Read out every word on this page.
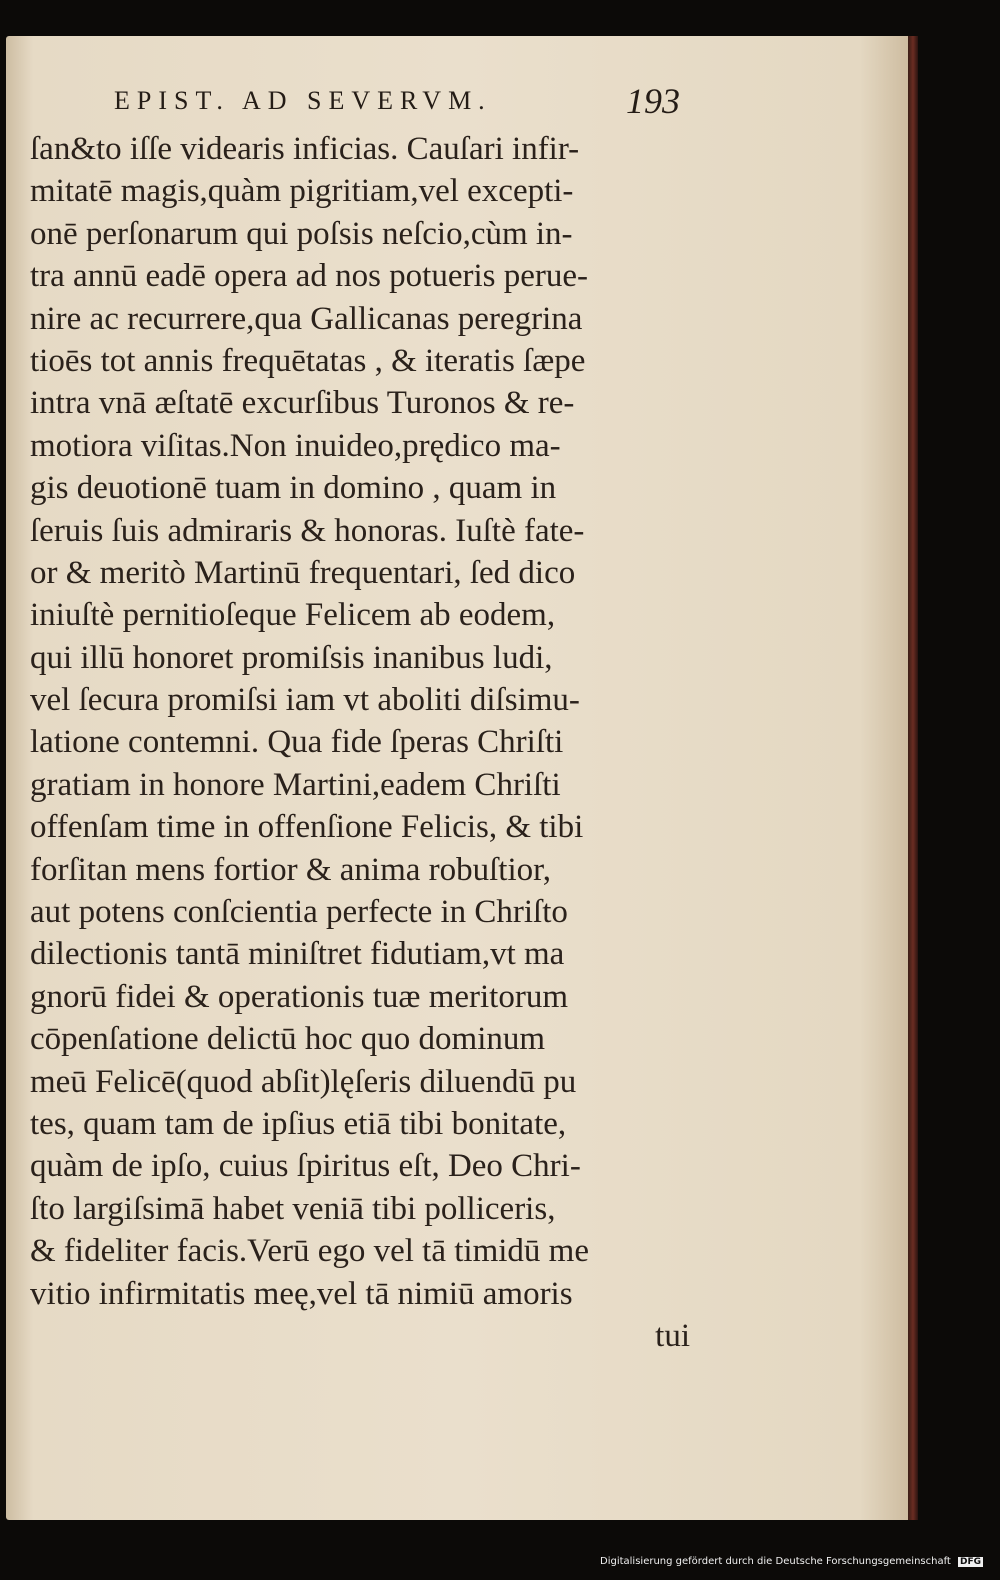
EPIST. AD SEVERVM.	193
ſan&to iſſe videaris inficias. Cauſari infir-
mitatē magis,quàm pigritiam,vel excepti-
onē perſonarum qui poſsis neſcio,cùm in-
tra annū eadē opera ad nos potueris perue-
nire ac recurrere,qua Gallicanas peregrina
tioēs tot annis frequētatas , & iteratis ſæpe
intra vnā æſtatē excurſibus Turonos & re-
motiora viſitas.Non inuideo,prędico ma-
gis deuotionē tuam in domino , quam in
ſeruis ſuis admiraris & honoras. Iuſtè fate-
or & meritò Martinū frequentari, ſed dico
iniuſtè pernitioſeque Felicem ab eodem,
qui illū honoret promiſsis inanibus ludi,
vel ſecura promiſsi iam vt aboliti diſsimu-
latione contemni. Qua fide ſperas Chriſti
gratiam in honore Martini,eadem Chriſti
offenſam time in offenſione Felicis, & tibi
forſitan mens fortior & anima robuſtior,
aut potens conſcientia perfecte in Chriſto
dilectionis tantā miniſtret fidutiam,vt ma
gnorū fidei & operationis tuæ meritorum
cōpenſatione delictū hoc quo dominum
meū Felicē(quod abſit)lęſeris diluendū pu
tes, quam tam de ipſius etiā tibi bonitate,
quàm de ipſo, cuius ſpiritus eſt, Deo Chri-
ſto largiſsimā habet veniā tibi polliceris,
& fideliter facis.Verū ego vel tā timidū me
vitio infirmitatis meę,vel tā nimiū amoris
tui
Digitalisierung gefördert durch die Deutsche Forschungsgemeinschaft DFG
